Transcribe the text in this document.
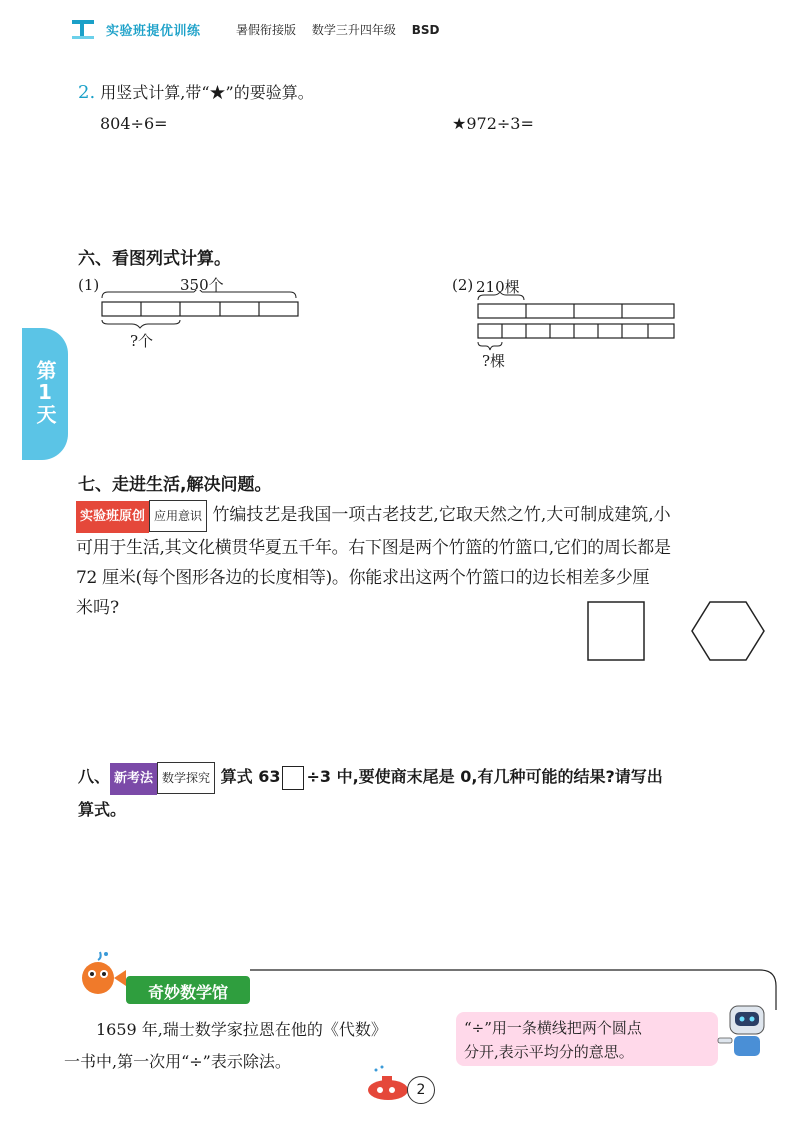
实验班提优训练	暑假衔接版 数学三升四年级 BSD
第1天
2. 用竖式计算,带“★”的要验算。
804÷6=	★972÷3=
六、看图列式计算。
(1)	350个
?个
(2) 210棵
?棵
七、走进生活,解决问题。
实验班原创 应用意识 竹编技艺是我国一项古老技艺,它取天然之竹,大可制成建筑,小
可用于生活,其文化横贯华夏五千年。右下图是两个竹篮的竹篮口,它们的周长都是
72 厘米(每个图形各边的长度相等)。你能求出这两个竹篮口的边长相差多少厘
米吗?
八、 新考法 数学探究 算式 63 ÷3 中,要使商末尾是 0,有几种可能的结果?请写出
算式。
奇妙数学馆
1659 年,瑞士数学家拉恩在他的《代数》
一书中,第一次用“÷”表示除法。
“÷”用一条横线把两个圆点
分开,表示平均分的意思。
2
